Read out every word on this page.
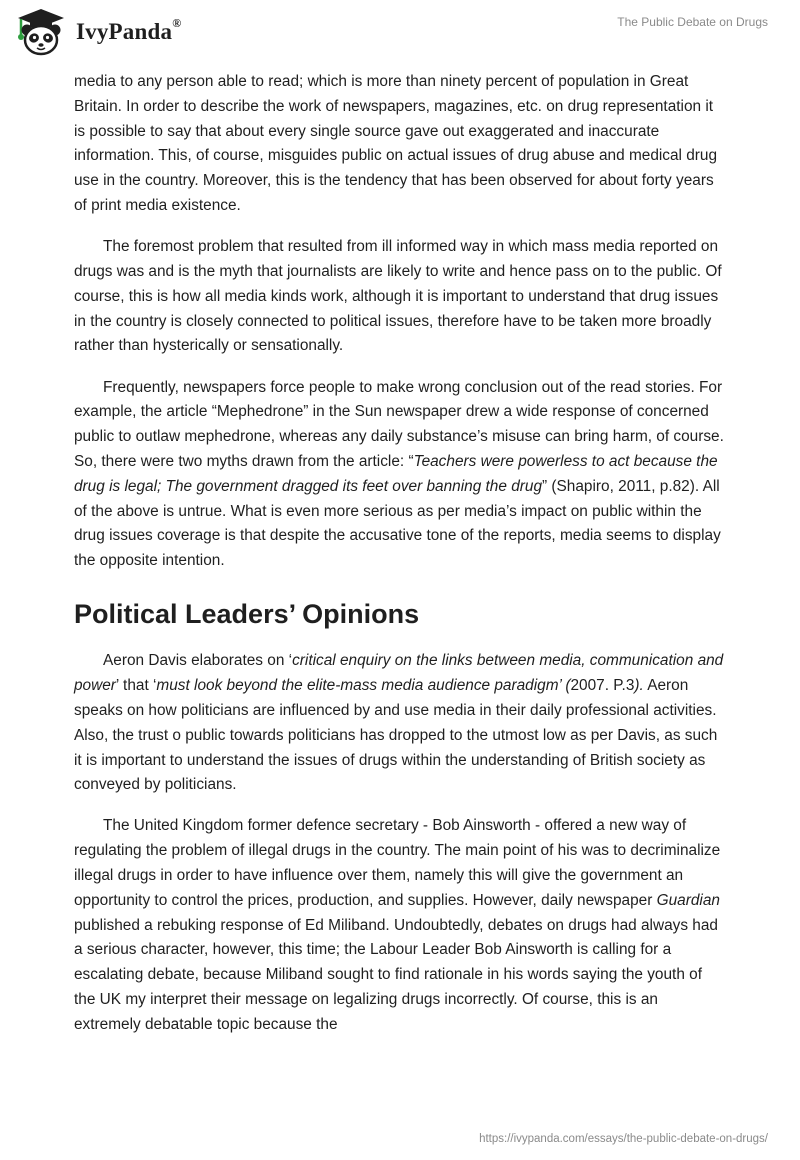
IvyPanda®	The Public Debate on Drugs

media to any person able to read; which is more than ninety percent of population in Great Britain. In order to describe the work of newspapers, magazines, etc. on drug representation it is possible to say that about every single source gave out exaggerated and inaccurate information. This, of course, misguides public on actual issues of drug abuse and medical drug use in the country. Moreover, this is the tendency that has been observed for about forty years of print media existence.

The foremost problem that resulted from ill informed way in which mass media reported on drugs was and is the myth that journalists are likely to write and hence pass on to the public. Of course, this is how all media kinds work, although it is important to understand that drug issues in the country is closely connected to political issues, therefore have to be taken more broadly rather than hysterically or sensationally.

Frequently, newspapers force people to make wrong conclusion out of the read stories. For example, the article “Mephedrone” in the Sun newspaper drew a wide response of concerned public to outlaw mephedrone, whereas any daily substance’s misuse can bring harm, of course. So, there were two myths drawn from the article: “Teachers were powerless to act because the drug is legal; The government dragged its feet over banning the drug” (Shapiro, 2011, p.82). All of the above is untrue. What is even more serious as per media’s impact on public within the drug issues coverage is that despite the accusative tone of the reports, media seems to display the opposite intention.

Political Leaders’ Opinions

Aeron Davis elaborates on ‘critical enquiry on the links between media, communication and power’ that ‘must look beyond the elite-mass media audience paradigm’ (2007. P.3). Aeron speaks on how politicians are influenced by and use media in their daily professional activities. Also, the trust o public towards politicians has dropped to the utmost low as per Davis, as such it is important to understand the issues of drugs within the understanding of British society as conveyed by politicians.

The United Kingdom former defence secretary - Bob Ainsworth - offered a new way of regulating the problem of illegal drugs in the country. The main point of his was to decriminalize illegal drugs in order to have influence over them, namely this will give the government an opportunity to control the prices, production, and supplies. However, daily newspaper Guardian published a rebuking response of Ed Miliband. Undoubtedly, debates on drugs had always had a serious character, however, this time; the Labour Leader Bob Ainsworth is calling for a escalating debate, because Miliband sought to find rationale in his words saying the youth of the UK my interpret their message on legalizing drugs incorrectly. Of course, this is an extremely debatable topic because the

https://ivypanda.com/essays/the-public-debate-on-drugs/
